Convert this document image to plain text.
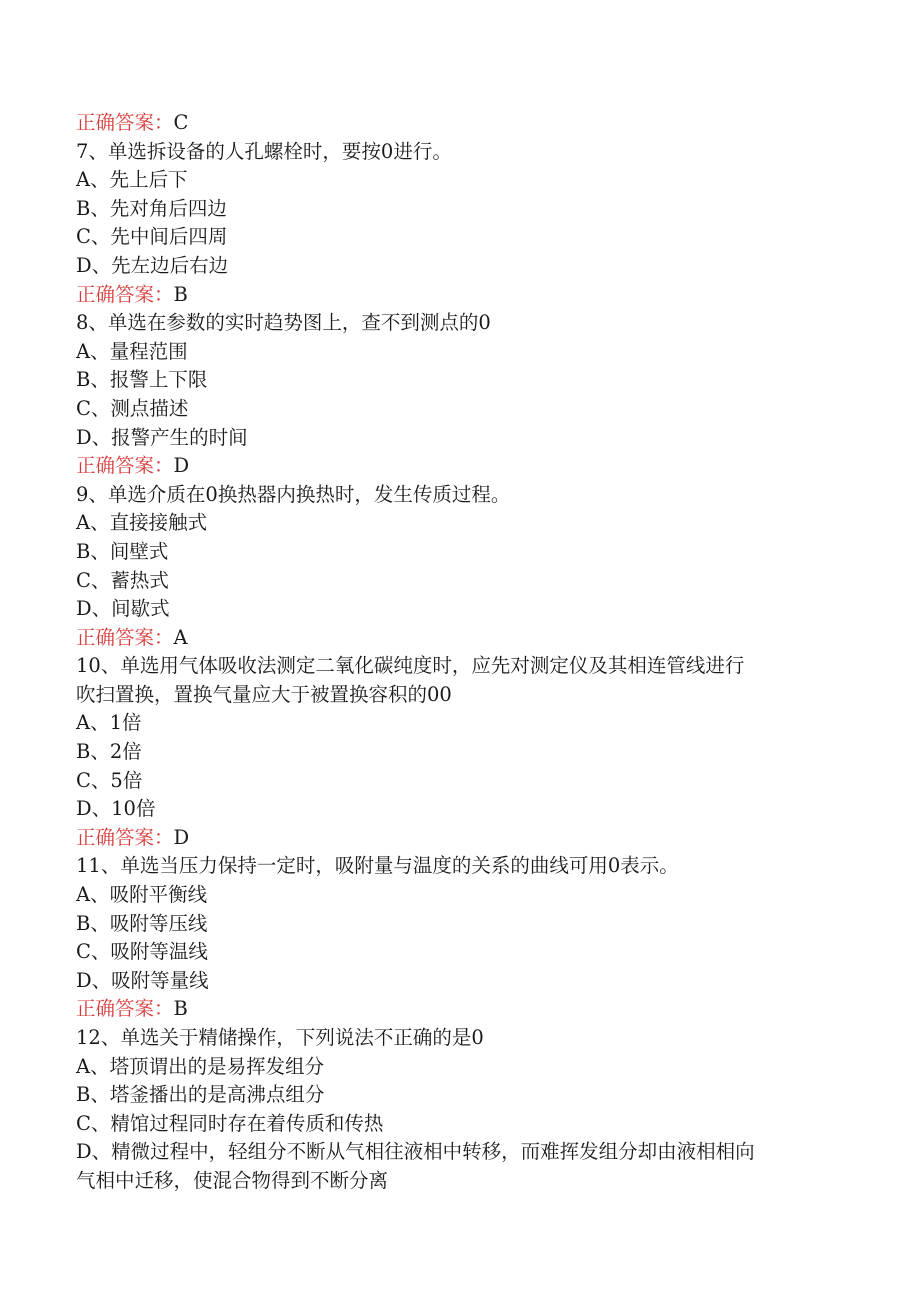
正确答案：C
7、单选拆设备的人孔螺栓时，要按0进行。
A、先上后下
B、先对角后四边
C、先中间后四周
D、先左边后右边
正确答案：B
8、单选在参数的实时趋势图上，查不到测点的0
A、量程范围
B、报警上下限
C、测点描述
D、报警产生的时间
正确答案：D
9、单选介质在0换热器内换热时，发生传质过程。
A、直接接触式
B、间壁式
C、蓄热式
D、间歇式
正确答案：A
10、单选用气体吸收法测定二氧化碳纯度时，应先对测定仪及其相连管线进行
吹扫置换，置换气量应大于被置换容积的00
A、1倍
B、2倍
C、5倍
D、10倍
正确答案：D
11、单选当压力保持一定时，吸附量与温度的关系的曲线可用0表示。
A、吸附平衡线
B、吸附等压线
C、吸附等温线
D、吸附等量线
正确答案：B
12、单选关于精储操作，下列说法不正确的是0
A、塔顶谓出的是易挥发组分
B、塔釜播出的是高沸点组分
C、精馆过程同时存在着传质和传热
D、精微过程中，轻组分不断从气相往液相中转移，而难挥发组分却由液相相向
气相中迁移，使混合物得到不断分离
